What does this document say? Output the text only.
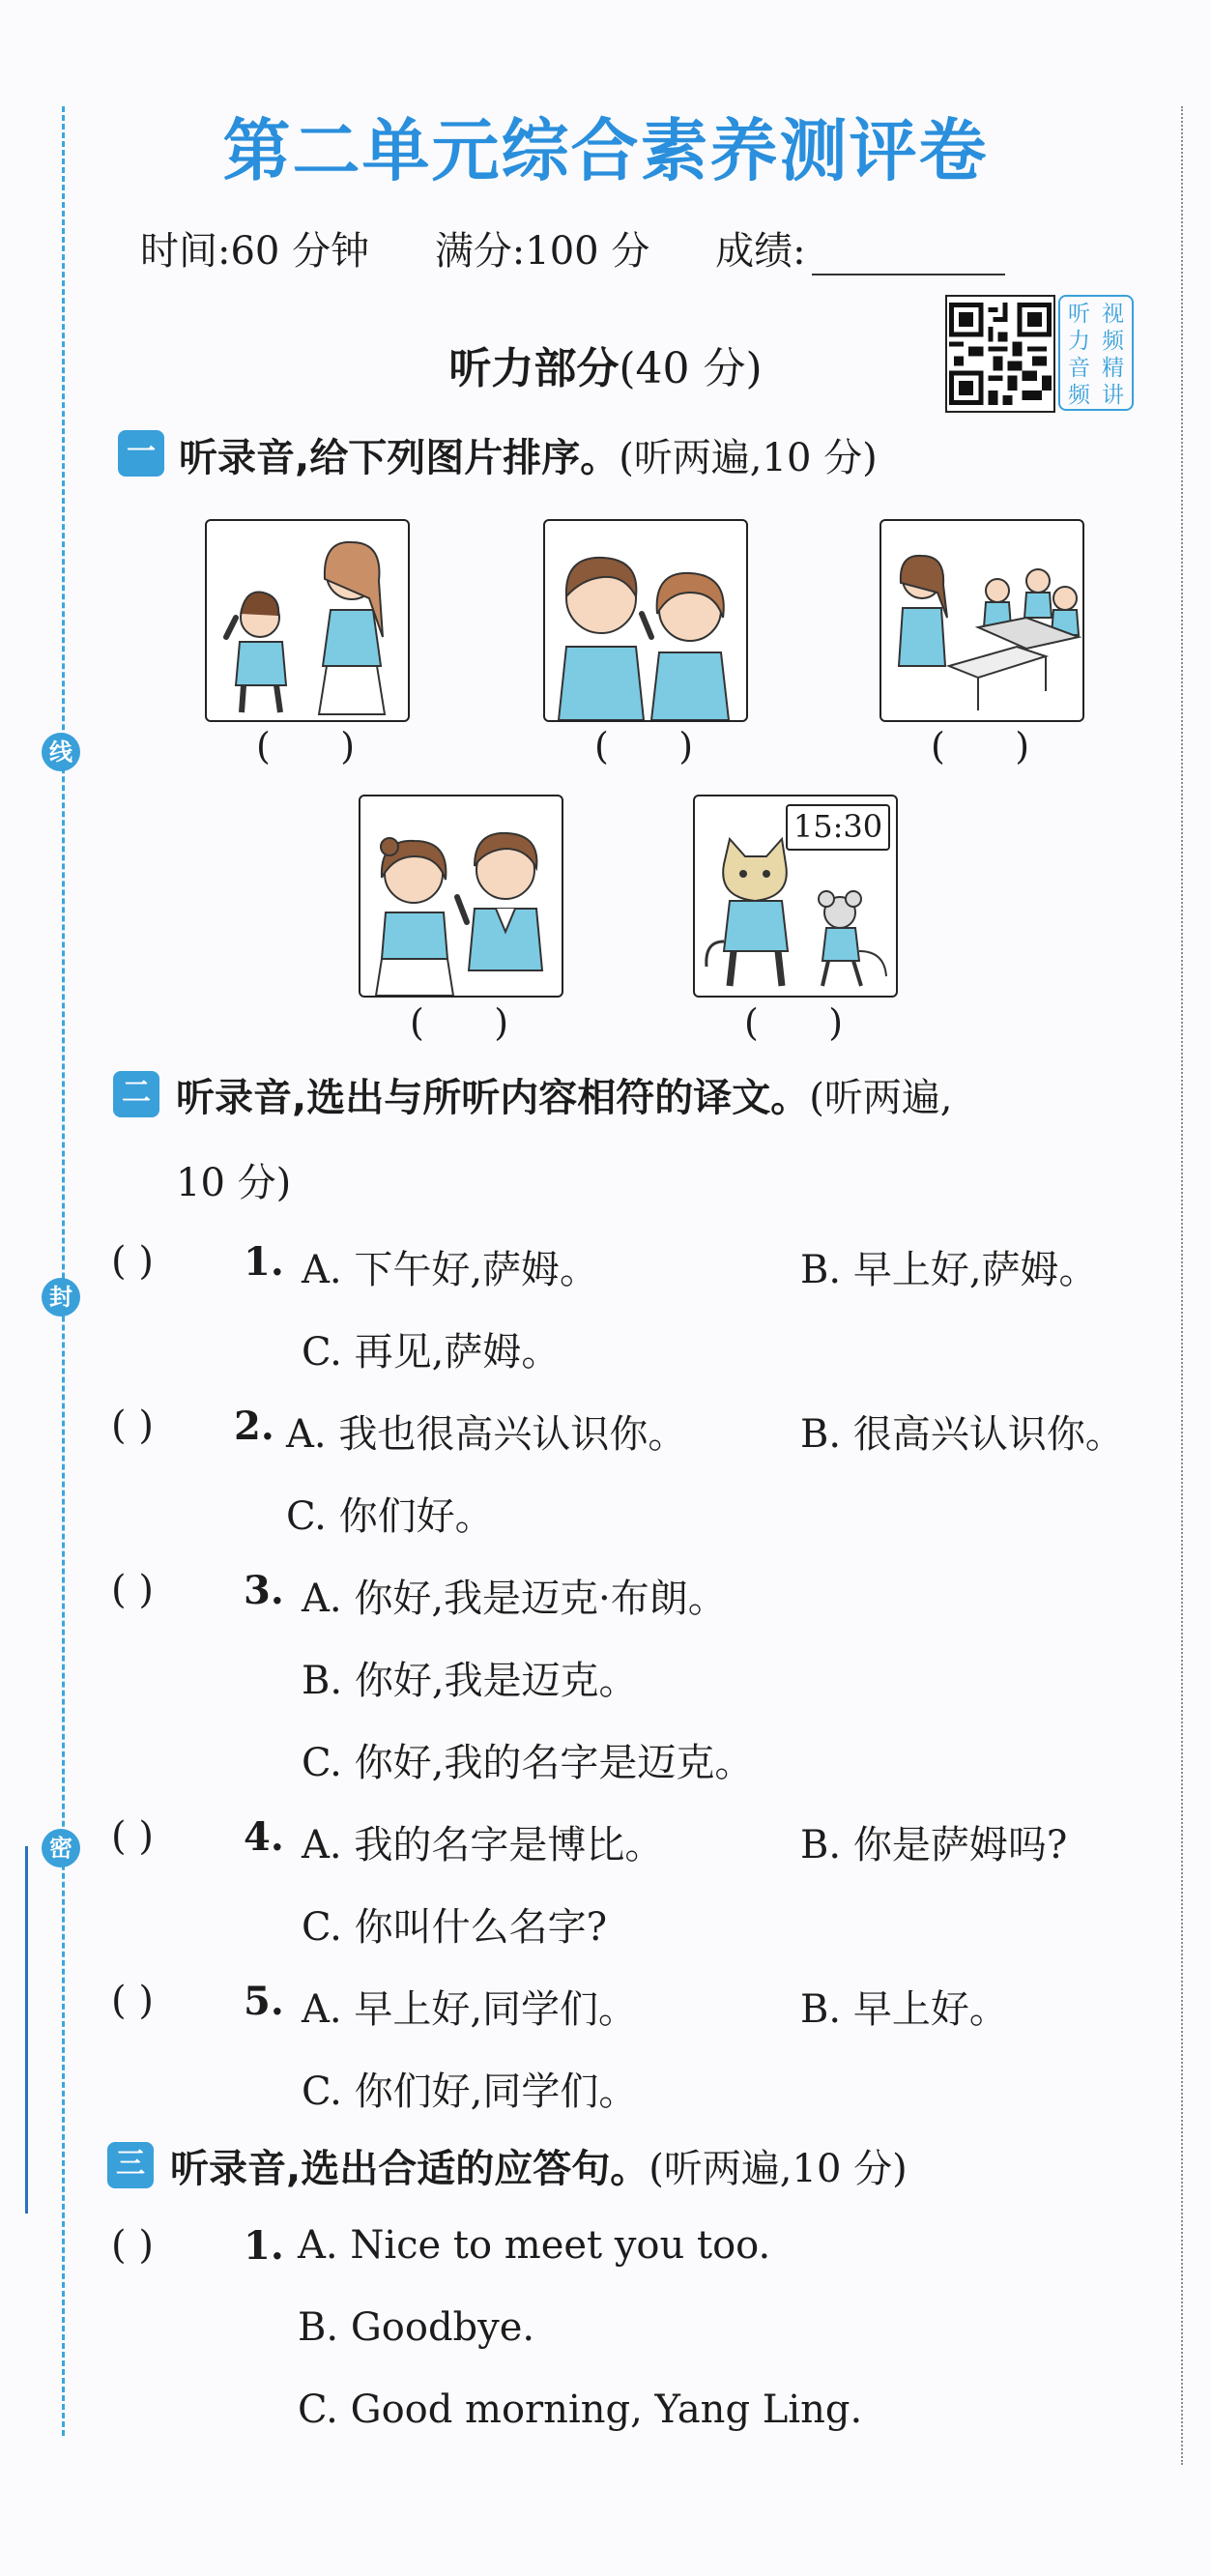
线
封
密
第二单元综合素养测评卷
时间:60 分钟 满分:100 分 成绩:
听力部分(40 分)
听 视
力 频
音 精
频 讲
一 听录音,给下列图片排序。(听两遍,10 分)
(      )	(      )	(      )
(      )
15:30
(      )
二 听录音,选出与所听内容相符的译文。(听两遍,
10 分)
( ) 1. A. 下午好,萨姆。	B. 早上好,萨姆。
C. 再见,萨姆。
( ) 2. A. 我也很高兴认识你。	B. 很高兴认识你。
C. 你们好。
( ) 3. A. 你好,我是迈克·布朗。
B. 你好,我是迈克。
C. 你好,我的名字是迈克。
( ) 4. A. 我的名字是博比。	B. 你是萨姆吗?
C. 你叫什么名字?
( ) 5. A. 早上好,同学们。	B. 早上好。
C. 你们好,同学们。
三 听录音,选出合适的应答句。(听两遍,10 分)
( ) 1. A. Nice to meet you too.
B. Goodbye.
C. Good morning, Yang Ling.
